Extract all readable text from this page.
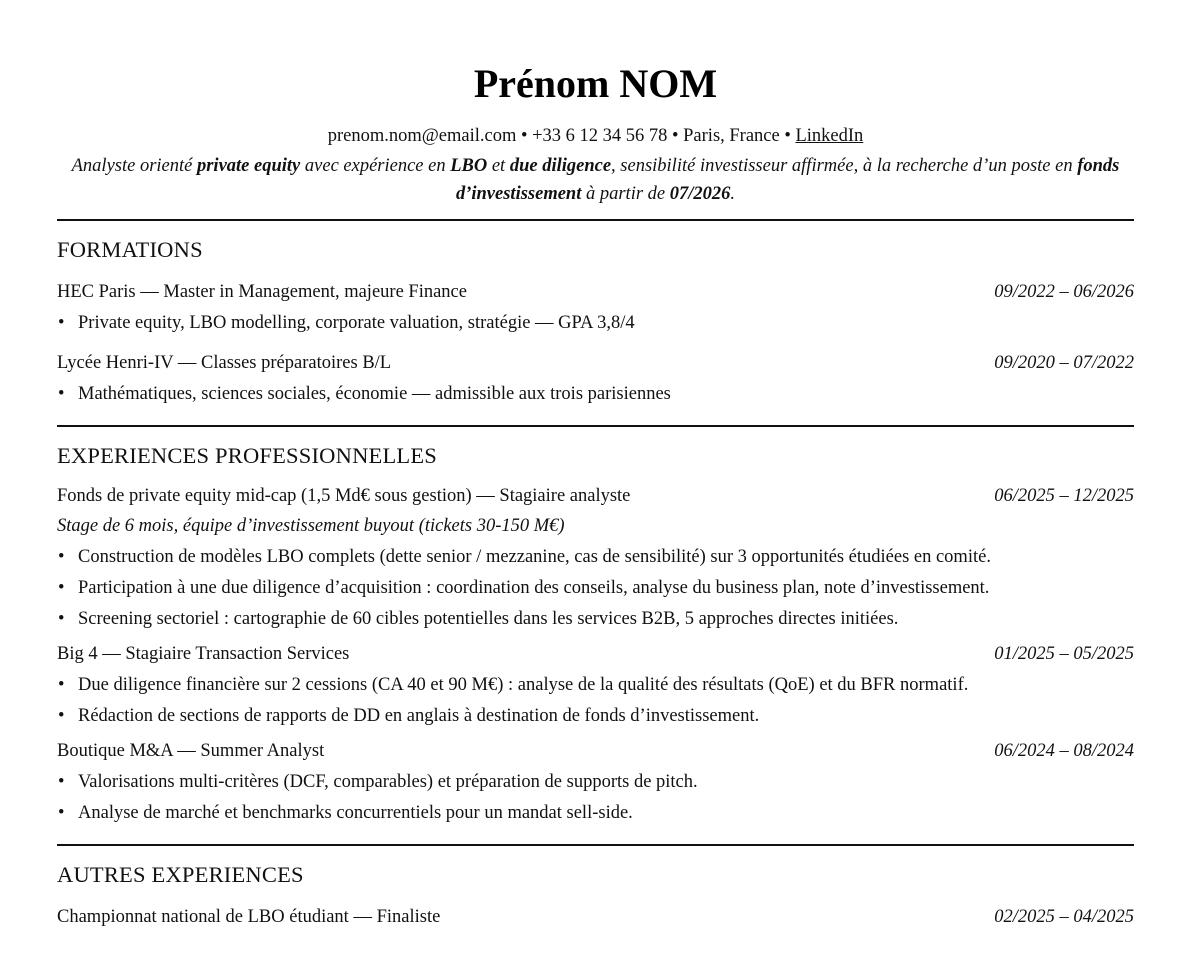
Prénom NOM
prenom.nom@email.com • +33 6 12 34 56 78 • Paris, France • LinkedIn
Analyste orienté private equity avec expérience en LBO et due diligence, sensibilité investisseur affirmée, à la recherche d’un poste en fonds d’investissement à partir de 07/2026.
FORMATIONS
HEC Paris — Master in Management, majeure Finance	09/2022 – 06/2026
• Private equity, LBO modelling, corporate valuation, stratégie — GPA 3,8/4
Lycée Henri-IV — Classes préparatoires B/L	09/2020 – 07/2022
• Mathématiques, sciences sociales, économie — admissible aux trois parisiennes
EXPERIENCES PROFESSIONNELLES
Fonds de private equity mid-cap (1,5 Md€ sous gestion) — Stagiaire analyste	06/2025 – 12/2025
Stage de 6 mois, équipe d’investissement buyout (tickets 30-150 M€)
• Construction de modèles LBO complets (dette senior / mezzanine, cas de sensibilité) sur 3 opportunités étudiées en comité.
• Participation à une due diligence d’acquisition : coordination des conseils, analyse du business plan, note d’investissement.
• Screening sectoriel : cartographie de 60 cibles potentielles dans les services B2B, 5 approches directes initiées.
Big 4 — Stagiaire Transaction Services	01/2025 – 05/2025
• Due diligence financière sur 2 cessions (CA 40 et 90 M€) : analyse de la qualité des résultats (QoE) et du BFR normatif.
• Rédaction de sections de rapports de DD en anglais à destination de fonds d’investissement.
Boutique M&A — Summer Analyst	06/2024 – 08/2024
• Valorisations multi-critères (DCF, comparables) et préparation de supports de pitch.
• Analyse de marché et benchmarks concurrentiels pour un mandat sell-side.
AUTRES EXPERIENCES
Championnat national de LBO étudiant — Finaliste	02/2025 – 04/2025
